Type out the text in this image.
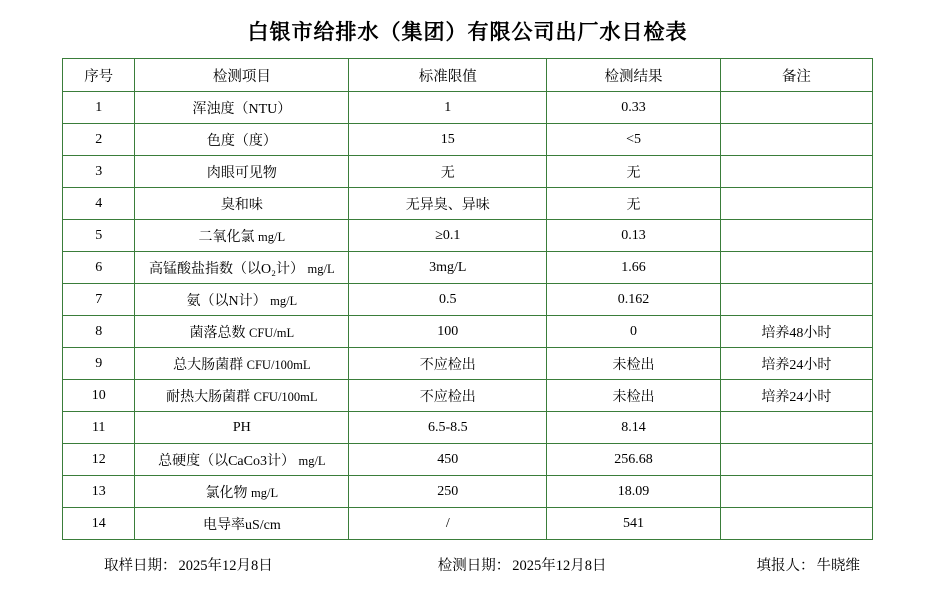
白银市给排水（集团）有限公司出厂水日检表
序号	检测项目	标准限值	检测结果	备注
1	浑浊度（NTU）	1	0.33	
2	色度（度）	15	<5	
3	肉眼可见物	无	无	
4	臭和味	无异臭、异味	无	
5	二氧化氯 mg/L	≥0.1	0.13	
6	高锰酸盐指数（以O₂计） mg/L	3mg/L	1.66	
7	氨（以N计） mg/L	0.5	0.162	
8	菌落总数 CFU/mL	100	0	培养48小时
9	总大肠菌群 CFU/100mL	不应检出	未检出	培养24小时
10	耐热大肠菌群 CFU/100mL	不应检出	未检出	培养24小时
11	PH	6.5-8.5	8.14	
12	总硬度（以CaCo3计） mg/L	450	256.68	
13	氯化物 mg/L	250	18.09	
14	电导率uS/cm	/	541	
取样日期： 2025年12月8日	检测日期： 2025年12月8日	填报人： 牛晓维
